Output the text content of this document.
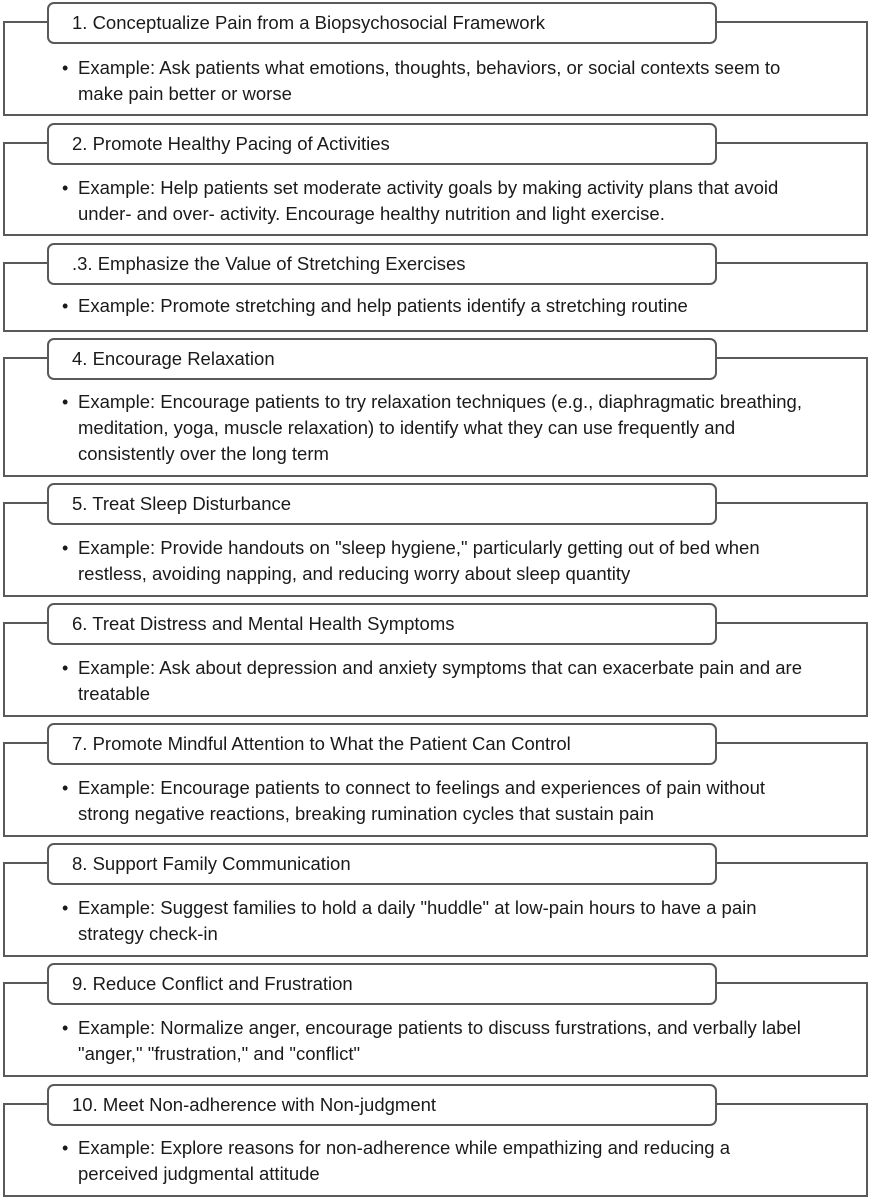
1. Conceptualize Pain from a Biopsychosocial Framework
• Example: Ask patients what emotions, thoughts, behaviors, or social contexts seem to make pain better or worse
2. Promote Healthy Pacing of Activities
• Example: Help patients set moderate activity goals by making activity plans that avoid under- and over- activity. Encourage healthy nutrition and light exercise.
.3. Emphasize the Value of Stretching Exercises
• Example: Promote stretching and help patients identify a stretching routine
4. Encourage Relaxation
• Example: Encourage patients to try relaxation techniques (e.g., diaphragmatic breathing, meditation, yoga, muscle relaxation) to identify what they can use frequently and consistently over the long term
5. Treat Sleep Disturbance
• Example: Provide handouts on "sleep hygiene," particularly getting out of bed when restless, avoiding napping, and reducing worry about sleep quantity
6. Treat Distress and Mental Health Symptoms
• Example: Ask about depression and anxiety symptoms that can exacerbate pain and are treatable
7. Promote Mindful Attention to What the Patient Can Control
• Example: Encourage patients to connect to feelings and experiences of pain without strong negative reactions, breaking rumination cycles that sustain pain
8. Support Family Communication
• Example: Suggest families to hold a daily "huddle" at low-pain hours to have a pain strategy check-in
9. Reduce Conflict and Frustration
• Example: Normalize anger, encourage patients to discuss furstrations, and verbally label "anger," "frustration," and "conflict"
10. Meet Non-adherence with Non-judgment
• Example: Explore reasons for non-adherence while empathizing and reducing a perceived judgmental attitude
